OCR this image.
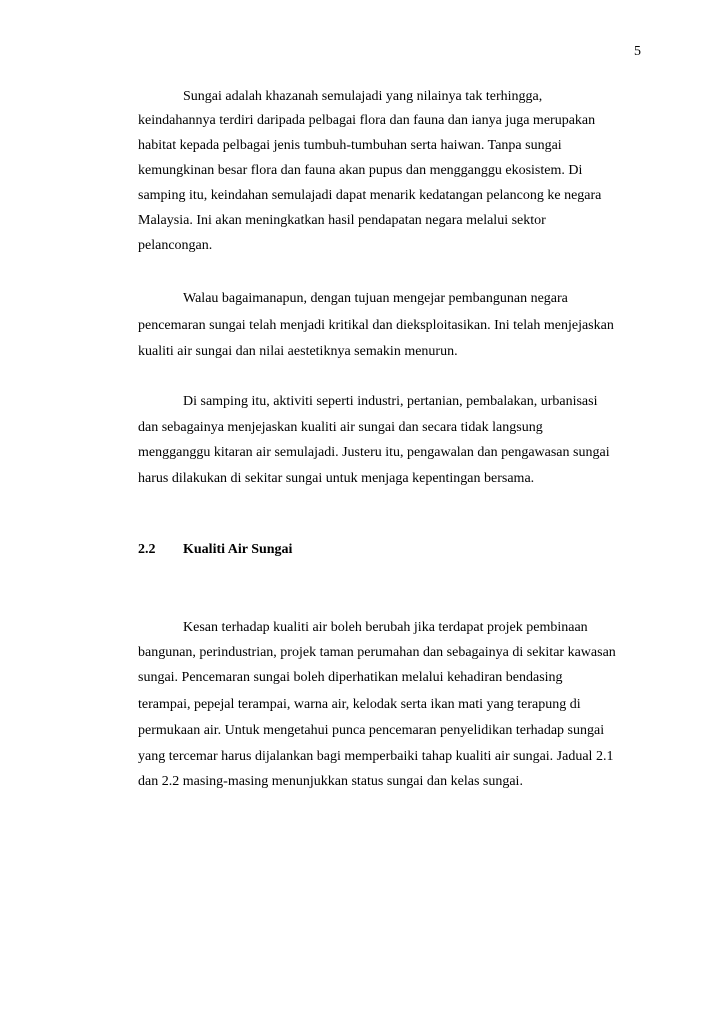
5
Sungai adalah khazanah semulajadi yang nilainya tak terhingga,
keindahannya terdiri daripada pelbagai flora dan fauna dan ianya juga merupakan
habitat kepada pelbagai jenis tumbuh-tumbuhan serta haiwan. Tanpa sungai
kemungkinan besar flora dan fauna akan pupus dan mengganggu ekosistem. Di
samping itu, keindahan semulajadi dapat menarik kedatangan pelancong ke negara
Malaysia. Ini akan meningkatkan hasil pendapatan negara melalui sektor
pelancongan.
Walau bagaimanapun, dengan tujuan mengejar pembangunan negara
pencemaran sungai telah menjadi kritikal dan dieksploitasikan. Ini telah menjejaskan
kualiti air sungai dan nilai aestetiknya semakin menurun.
Di samping itu, aktiviti seperti industri, pertanian, pembalakan, urbanisasi
dan sebagainya menjejaskan kualiti air sungai dan secara tidak langsung
mengganggu kitaran air semulajadi. Justeru itu, pengawalan dan pengawasan sungai
harus dilakukan di sekitar sungai untuk menjaga kepentingan bersama.
2.2 Kualiti Air Sungai
Kesan terhadap kualiti air boleh berubah jika terdapat projek pembinaan
bangunan, perindustrian, projek taman perumahan dan sebagainya di sekitar kawasan
sungai. Pencemaran sungai boleh diperhatikan melalui kehadiran bendasing
terampai, pepejal terampai, warna air, kelodak serta ikan mati yang terapung di
permukaan air. Untuk mengetahui punca pencemaran penyelidikan terhadap sungai
yang tercemar harus dijalankan bagi memperbaiki tahap kualiti air sungai. Jadual 2.1
dan 2.2 masing-masing menunjukkan status sungai dan kelas sungai.
